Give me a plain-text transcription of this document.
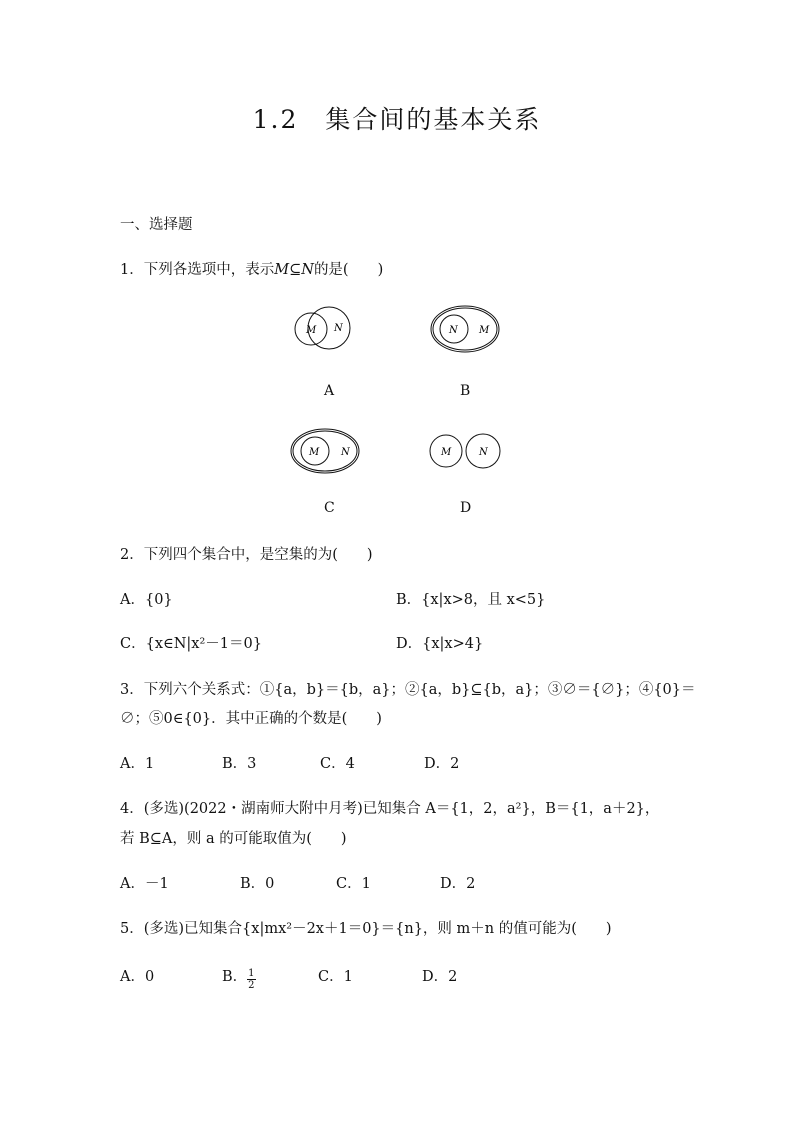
1.2　集合间的基本关系
一、选择题
1．下列各选项中，表示M⊆N的是(　　)
M N
A
N M
B
M N
C
M	N
D
2．下列四个集合中，是空集的为(　　)
A．{0}	B．{x|x>8，且 x<5}
C．{x∈N|x²－1＝0}	D．{x|x>4}
3．下列六个关系式：①{a，b}＝{b，a}；②{a，b}⊆{b，a}；③∅＝{∅}；④{0}＝
∅；⑤0∈{0}．其中正确的个数是(　　)
A．1	B．3	C．4	D．2
4．(多选)(2022・湖南师大附中月考)已知集合 A＝{1，2，a²}，B＝{1，a＋2}，
若 B⊆A，则 a 的可能取值为(　　)
A．－1	B．0	C．1	D．2
5．(多选)已知集合{x|mx²－2x＋1＝0}＝{n}，则 m＋n 的值可能为(　　)
A．0	B． $\frac{1}{2}$	C．1	D．2
